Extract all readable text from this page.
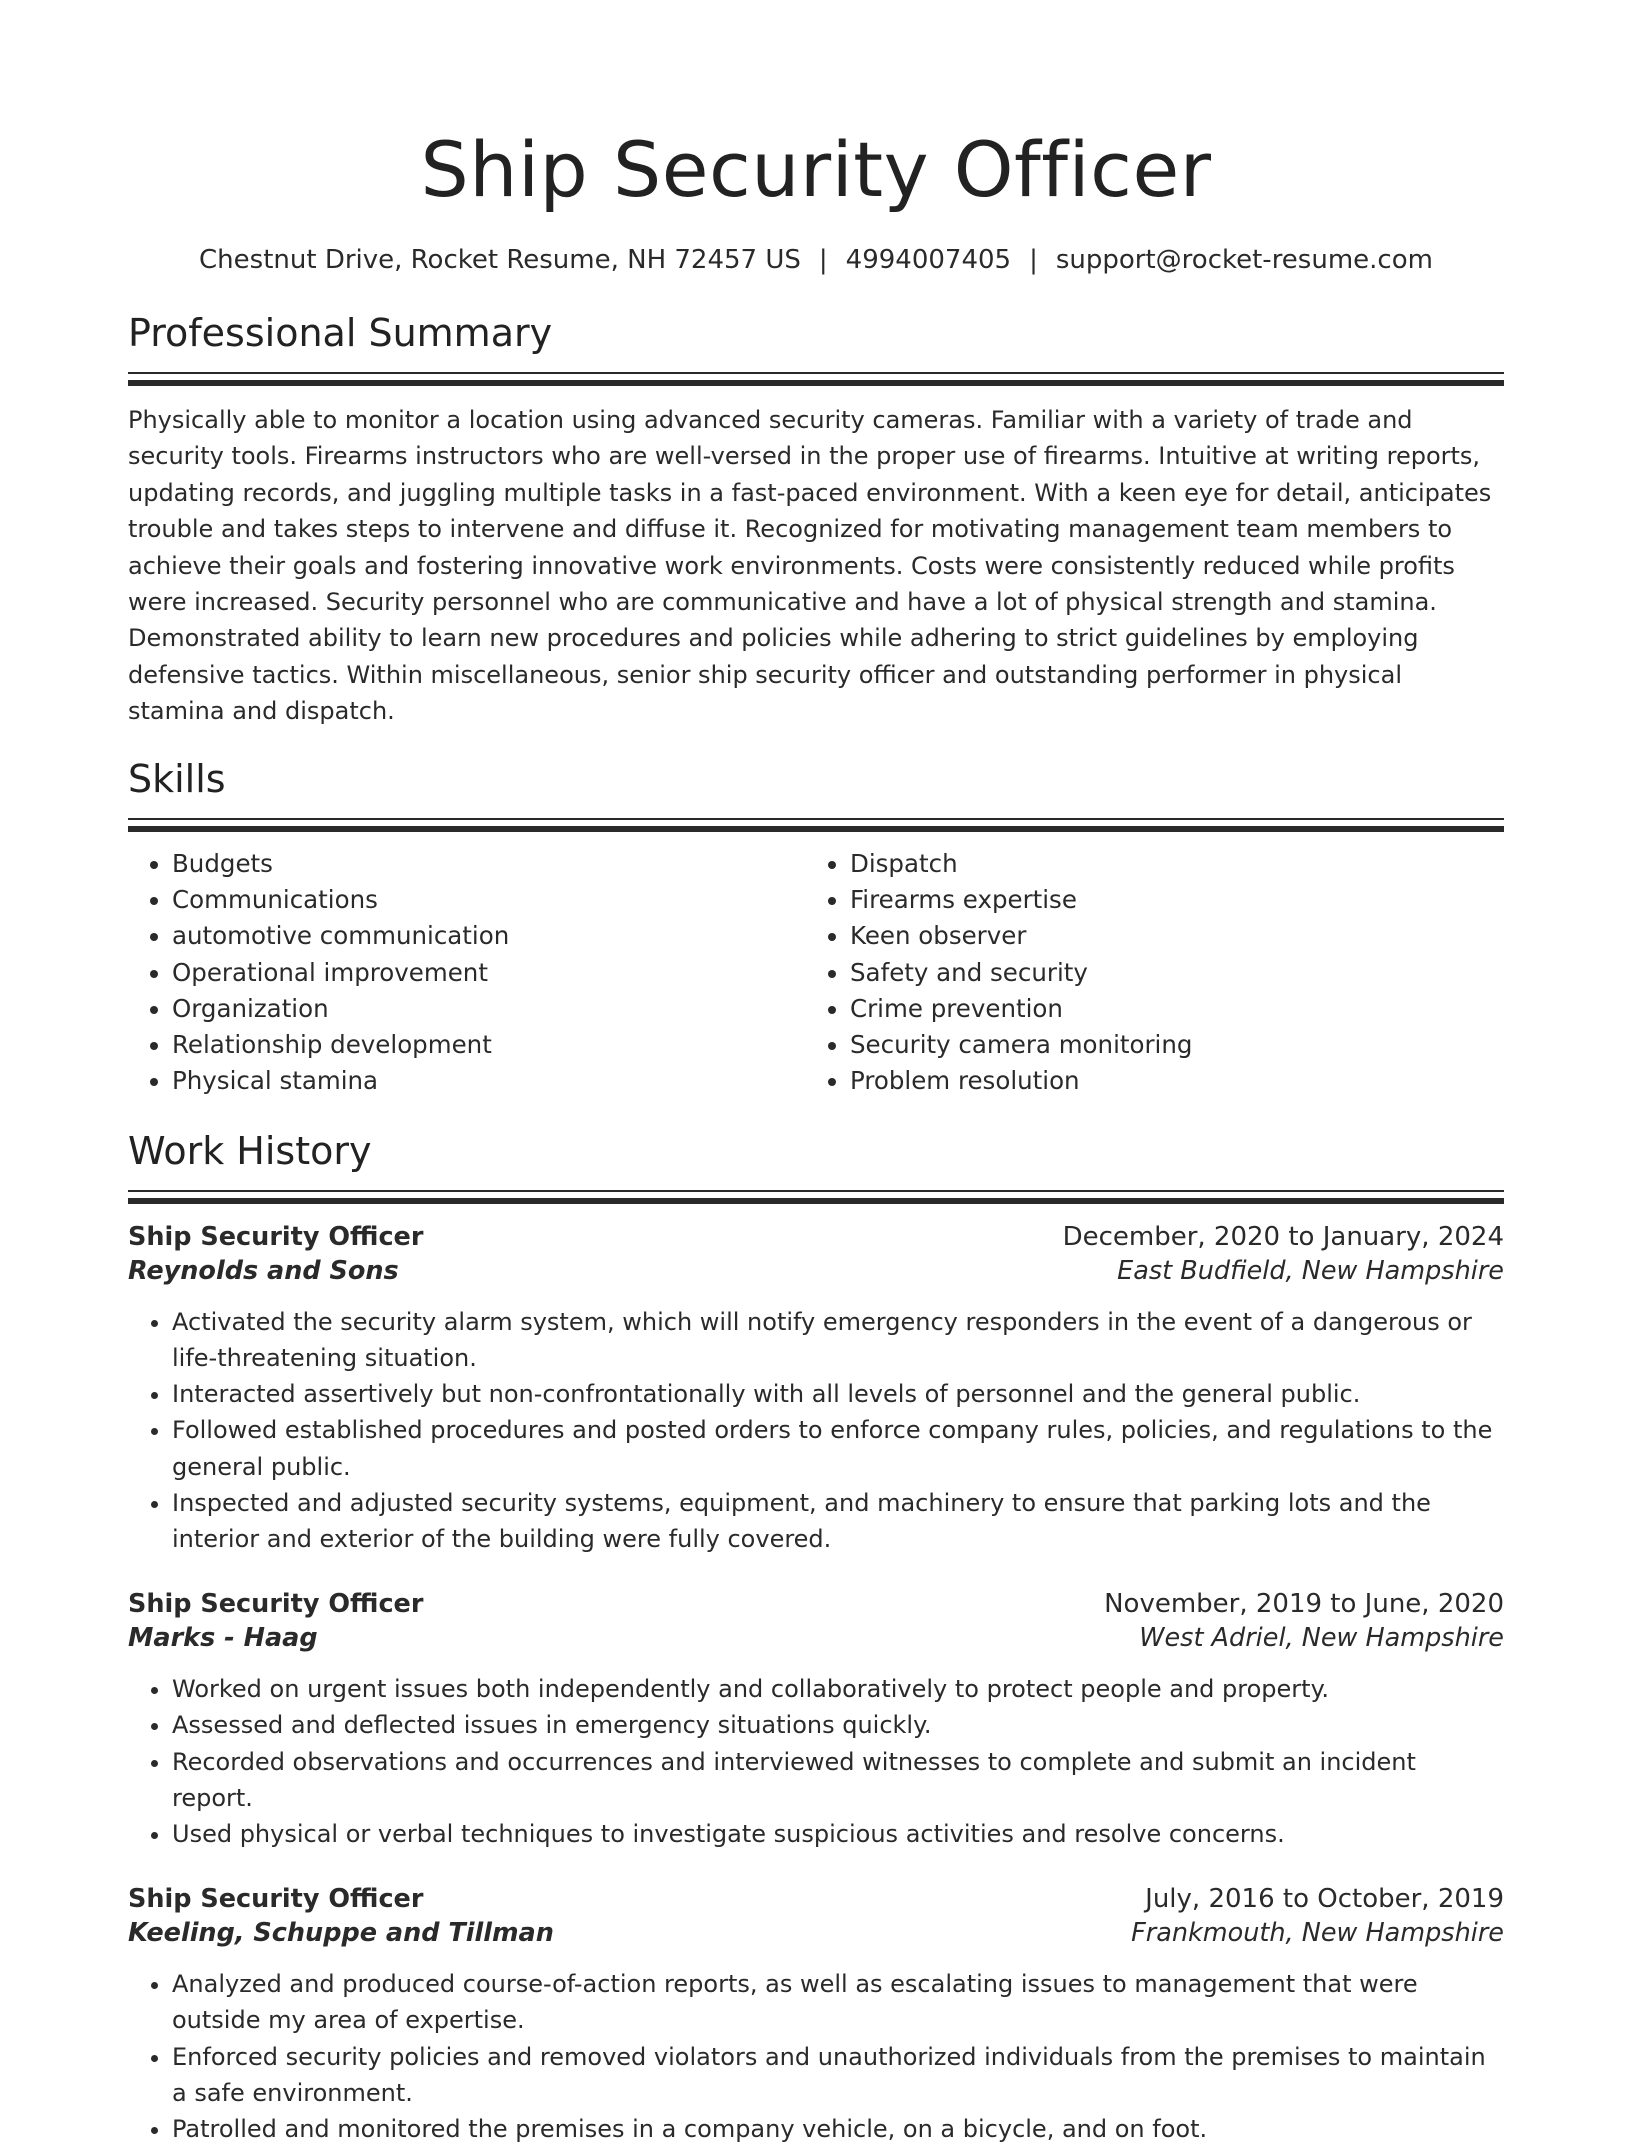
Ship Security Officer
Chestnut Drive, Rocket Resume, NH 72457 US | 4994007405 | support@rocket-resume.com
Professional Summary

Physically able to monitor a location using advanced security cameras. Familiar with a variety of trade and security tools. Firearms instructors who are well-versed in the proper use of firearms. Intuitive at writing reports, updating records, and juggling multiple tasks in a fast-paced environment. With a keen eye for detail, anticipates trouble and takes steps to intervene and diffuse it. Recognized for motivating management team members to achieve their goals and fostering innovative work environments. Costs were consistently reduced while profits were increased. Security personnel who are communicative and have a lot of physical strength and stamina. Demonstrated ability to learn new procedures and policies while adhering to strict guidelines by employing defensive tactics. Within miscellaneous, senior ship security officer and outstanding performer in physical stamina and dispatch.

Skills
• Budgets
• Communications
• automotive communication
• Operational improvement
• Organization
• Relationship development
• Physical stamina
• Dispatch
• Firearms expertise
• Keen observer
• Safety and security
• Crime prevention
• Security camera monitoring
• Problem resolution
Work History
Ship Security Officer	December, 2020 to January, 2024
Reynolds and Sons	East Budfield, New Hampshire
• Activated the security alarm system, which will notify emergency responders in the event of a dangerous or life-threatening situation.
• Interacted assertively but non-confrontationally with all levels of personnel and the general public.
• Followed established procedures and posted orders to enforce company rules, policies, and regulations to the general public.
• Inspected and adjusted security systems, equipment, and machinery to ensure that parking lots and the interior and exterior of the building were fully covered.
Ship Security Officer	November, 2019 to June, 2020
Marks - Haag	West Adriel, New Hampshire
• Worked on urgent issues both independently and collaboratively to protect people and property.
• Assessed and deflected issues in emergency situations quickly.
• Recorded observations and occurrences and interviewed witnesses to complete and submit an incident report.
• Used physical or verbal techniques to investigate suspicious activities and resolve concerns.
Ship Security Officer	July, 2016 to October, 2019
Keeling, Schuppe and Tillman	Frankmouth, New Hampshire
• Analyzed and produced course-of-action reports, as well as escalating issues to management that were outside my area of expertise.
• Enforced security policies and removed violators and unauthorized individuals from the premises to maintain a safe environment.
• Patrolled and monitored the premises in a company vehicle, on a bicycle, and on foot.
